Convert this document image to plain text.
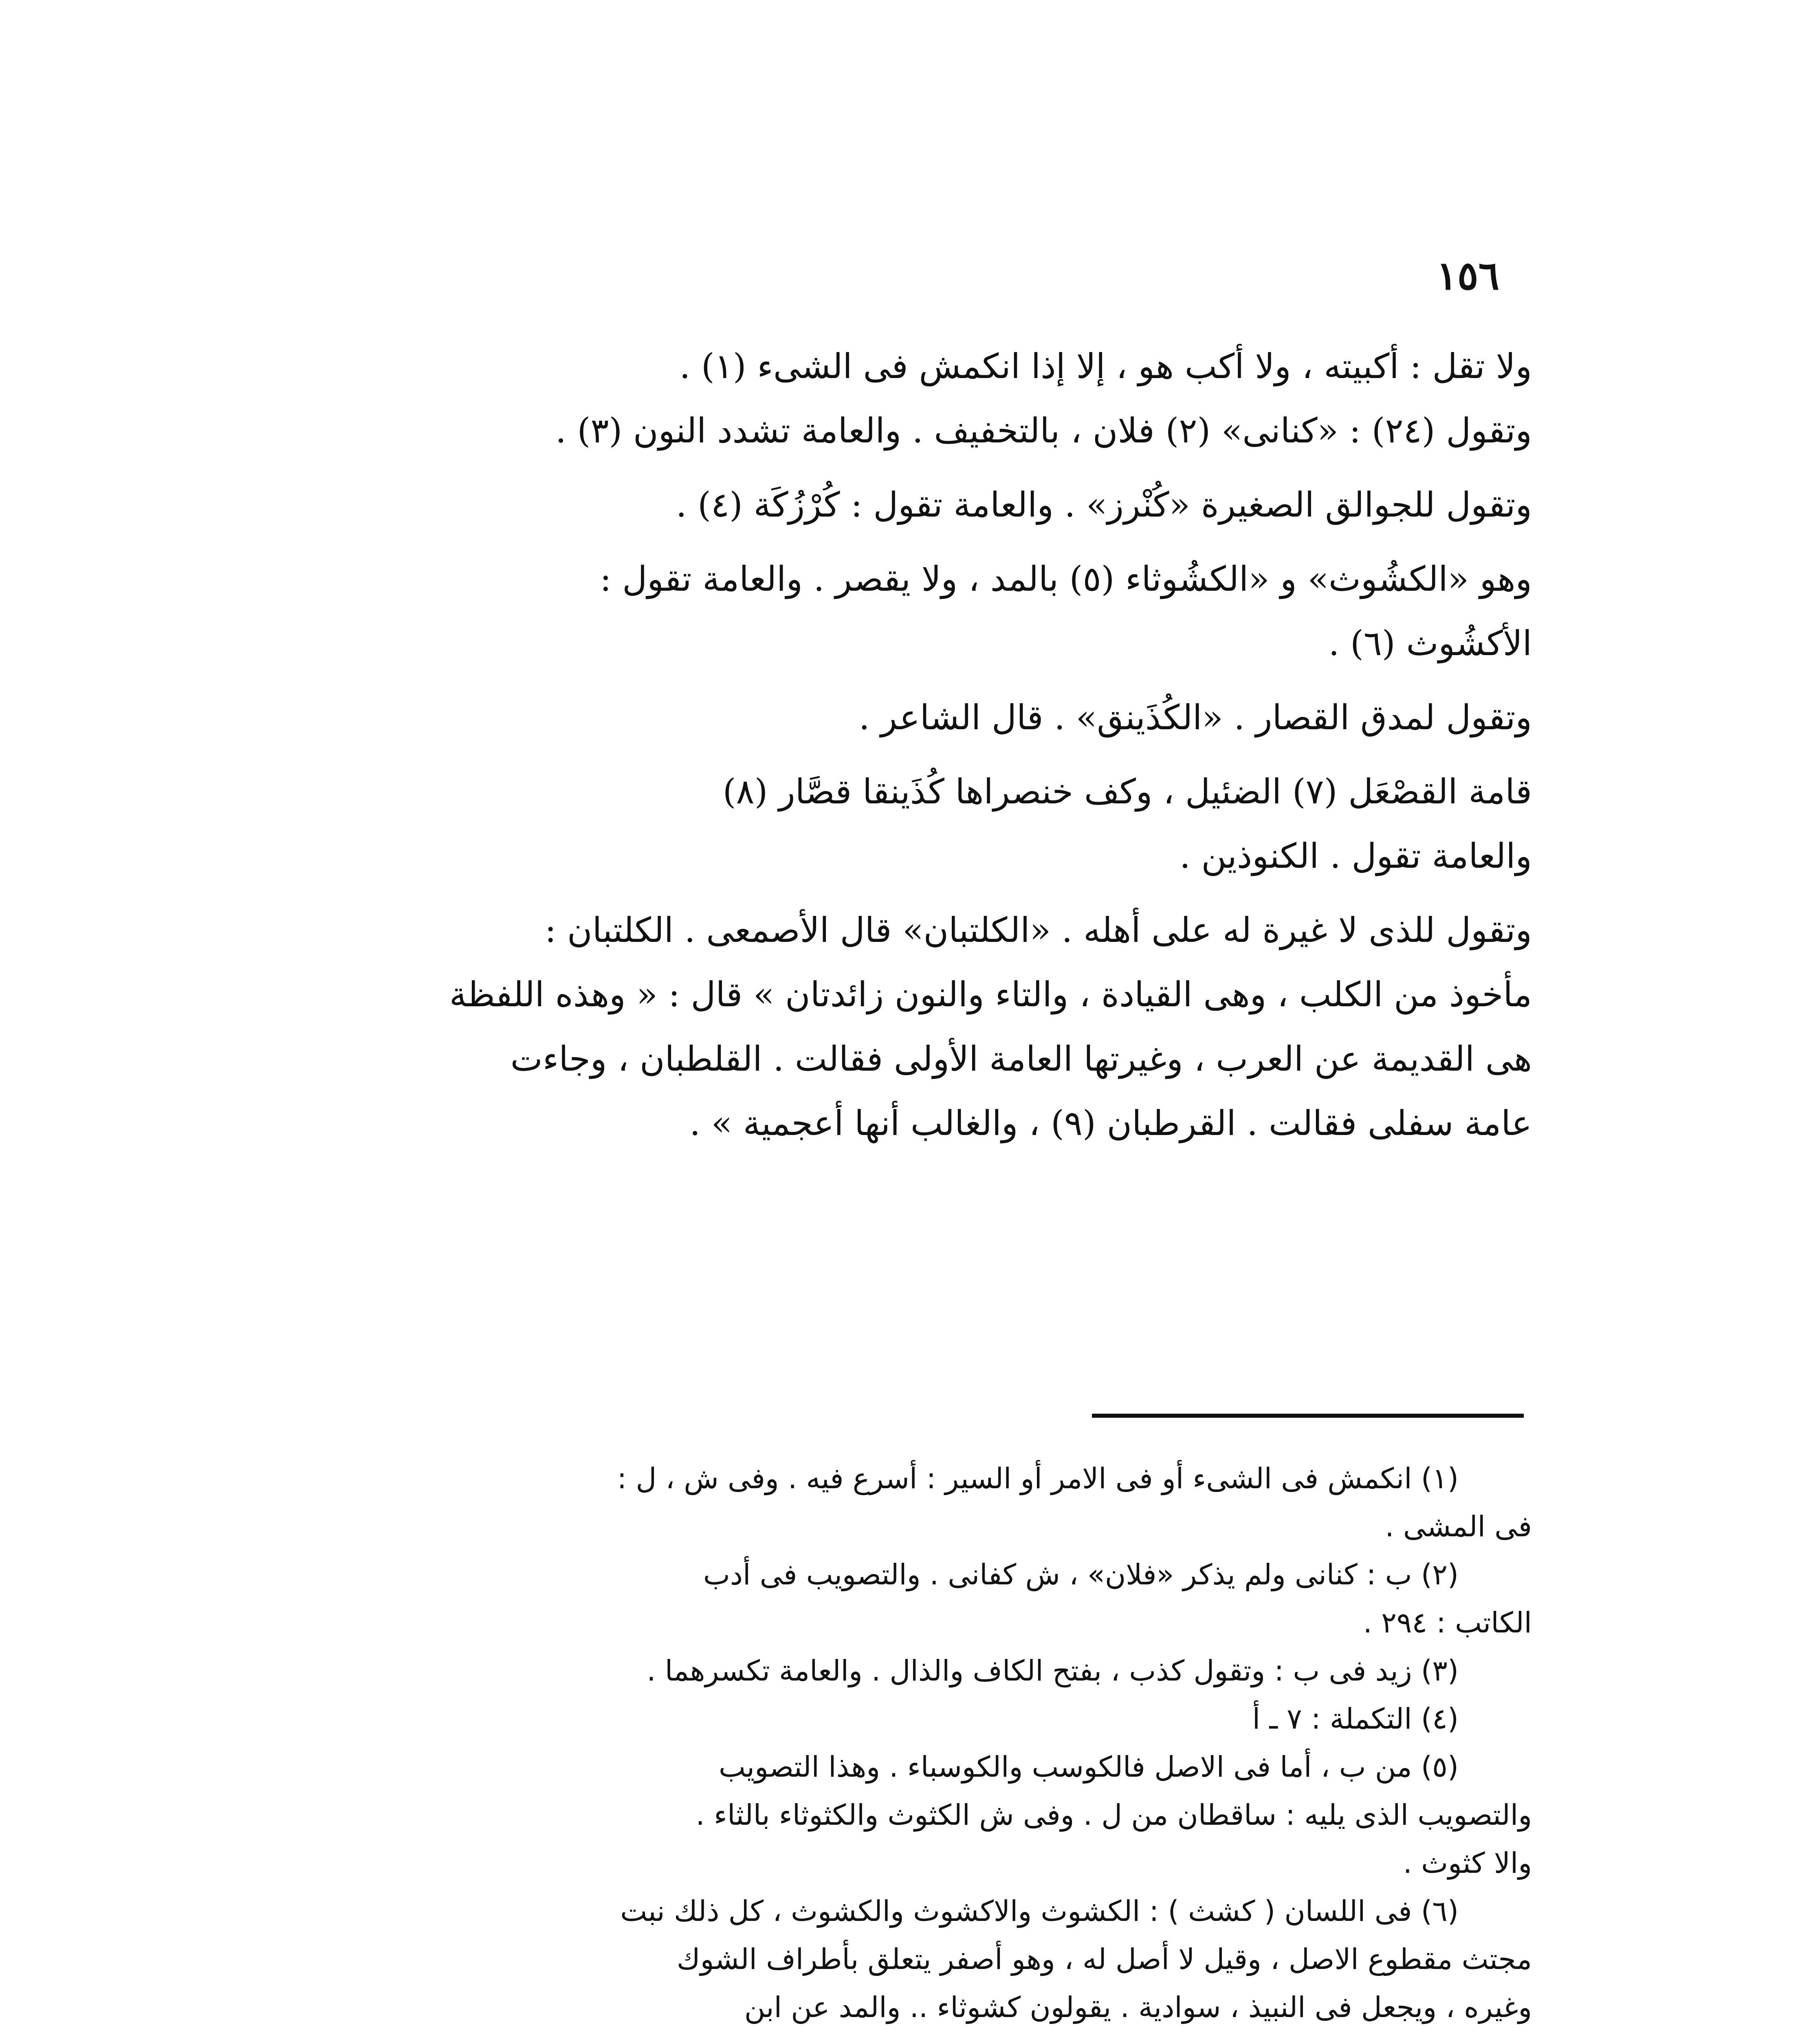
١٥٦
ولا تقل : أكبيته ، ولا أكب هو ، إلا إذا انكمش فى الشىء (١) .
وتقول (٢٤) : «كنانى» (٢) فلان ، بالتخفيف . والعامة تشدد النون (٣) .
وتقول للجوالق الصغيرة «كُنْرز» . والعامة تقول : كُرْزُكَة (٤) .
وهو «الكشُوث» و «الكشُوثاء (٥) بالمد ، ولا يقصر . والعامة تقول :
الأكشُوث (٦) .
وتقول لمدق القصار . «الكُذَينق» . قال الشاعر .
قامة القصْعَل (٧) الضئيل ، وكف خنصراها كُذَينقا قصَّار (٨)
والعامة تقول . الكنوذين .
وتقول للذى لا غيرة له على أهله . «الكلتبان» قال الأصمعى . الكلتبان :
مأخوذ من الكلب ، وهى القيادة ، والتاء والنون زائدتان » قال : « وهذه اللفظة
هى القديمة عن العرب ، وغيرتها العامة الأولى فقالت . القلطبان ، وجاءت
عامة سفلى فقالت . القرطبان (٩) ، والغالب أنها أعجمية » .
(١) انكمش فى الشىء أو فى الامر أو السير : أسرع فيه . وفى ش ، ل :
فى المشى .
(٢) ب : كنانى ولم يذكر «فلان» ، ش كفانى . والتصويب فى أدب
الكاتب : ٢٩٤ .
(٣) زيد فى ب : وتقول كذب ، بفتح الكاف والذال . والعامة تكسرهما .
(٤) التكملة : ٧ ـ أ
(٥) من ب ، أما فى الاصل فالكوسب والكوسباء . وهذا التصويب
والتصويب الذى يليه : ساقطان من ل . وفى ش الكثوث والكثوثاء بالثاء .
والا كثوث .
(٦) فى اللسان ( كشث ) : الكشوث والاكشوث والكشوث ، كل ذلك نبت
مجتث مقطوع الاصل ، وقيل لا أصل له ، وهو أصفر يتعلق بأطراف الشوك
وغيره ، ويجعل فى النبيذ ، سوادية . يقولون كشوثاء .. والمد عن ابن
